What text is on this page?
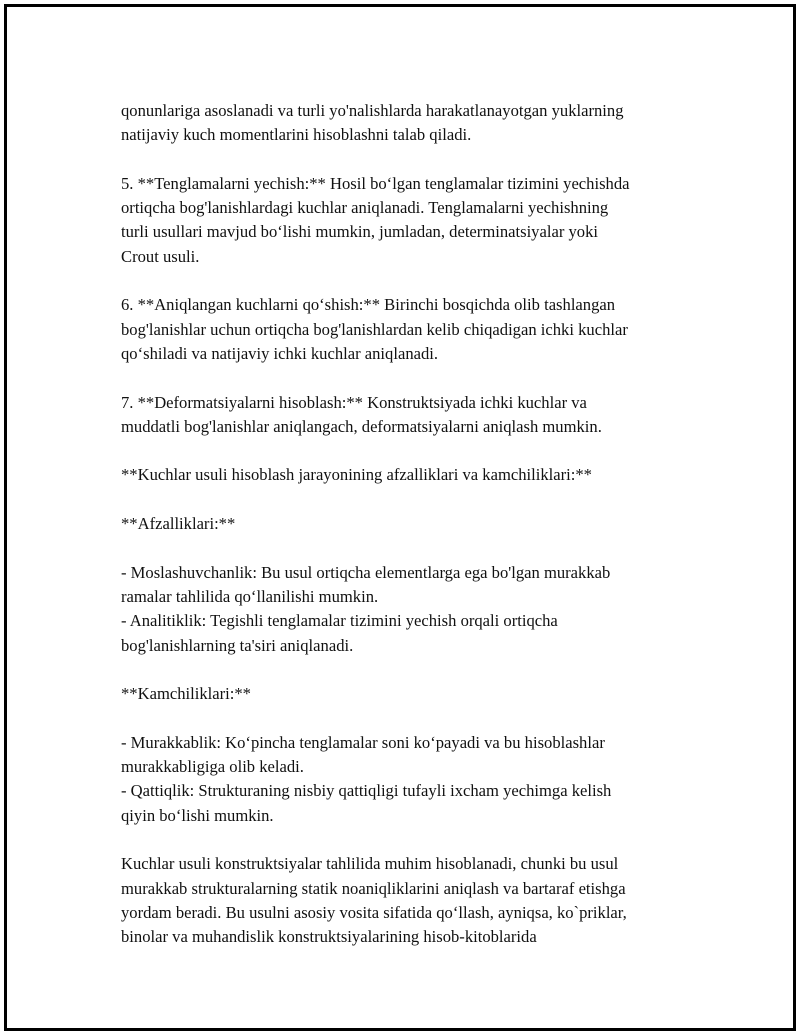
qonunlariga asoslanadi va turli yo'nalishlarda harakatlanayotgan yuklarning
natijaviy kuch momentlarini hisoblashni talab qiladi.
5. **Tenglamalarni yechish:** Hosil bo‘lgan tenglamalar tizimini yechishda
ortiqcha bog'lanishlardagi kuchlar aniqlanadi. Tenglamalarni yechishning
turli usullari mavjud bo‘lishi mumkin, jumladan, determinatsiyalar yoki
Crout usuli.
6. **Aniqlangan kuchlarni qo‘shish:** Birinchi bosqichda olib tashlangan
bog'lanishlar uchun ortiqcha bog'lanishlardan kelib chiqadigan ichki kuchlar
qo‘shiladi va natijaviy ichki kuchlar aniqlanadi.
7. **Deformatsiyalarni hisoblash:** Konstruktsiyada ichki kuchlar va
muddatli bog'lanishlar aniqlangach, deformatsiyalarni aniqlash mumkin.
**Kuchlar usuli hisoblash jarayonining afzalliklari va kamchiliklari:**
**Afzalliklari:**
- Moslashuvchanlik: Bu usul ortiqcha elementlarga ega bo'lgan murakkab
ramalar tahlilida qo‘llanilishi mumkin.
- Analitiklik: Tegishli tenglamalar tizimini yechish orqali ortiqcha
bog'lanishlarning ta'siri aniqlanadi.
**Kamchiliklari:**
- Murakkablik: Ko‘pincha tenglamalar soni ko‘payadi va bu hisoblashlar
murakkabligiga olib keladi.
- Qattiqlik: Strukturaning nisbiy qattiqligi tufayli ixcham yechimga kelish
qiyin bo‘lishi mumkin.
Kuchlar usuli konstruktsiyalar tahlilida muhim hisoblanadi, chunki bu usul
murakkab strukturalarning statik noaniqliklarini aniqlash va bartaraf etishga
yordam beradi. Bu usulni asosiy vosita sifatida qo‘llash, ayniqsa, ko`priklar,
binolar va muhandislik konstruktsiyalarining hisob-kitoblarida
